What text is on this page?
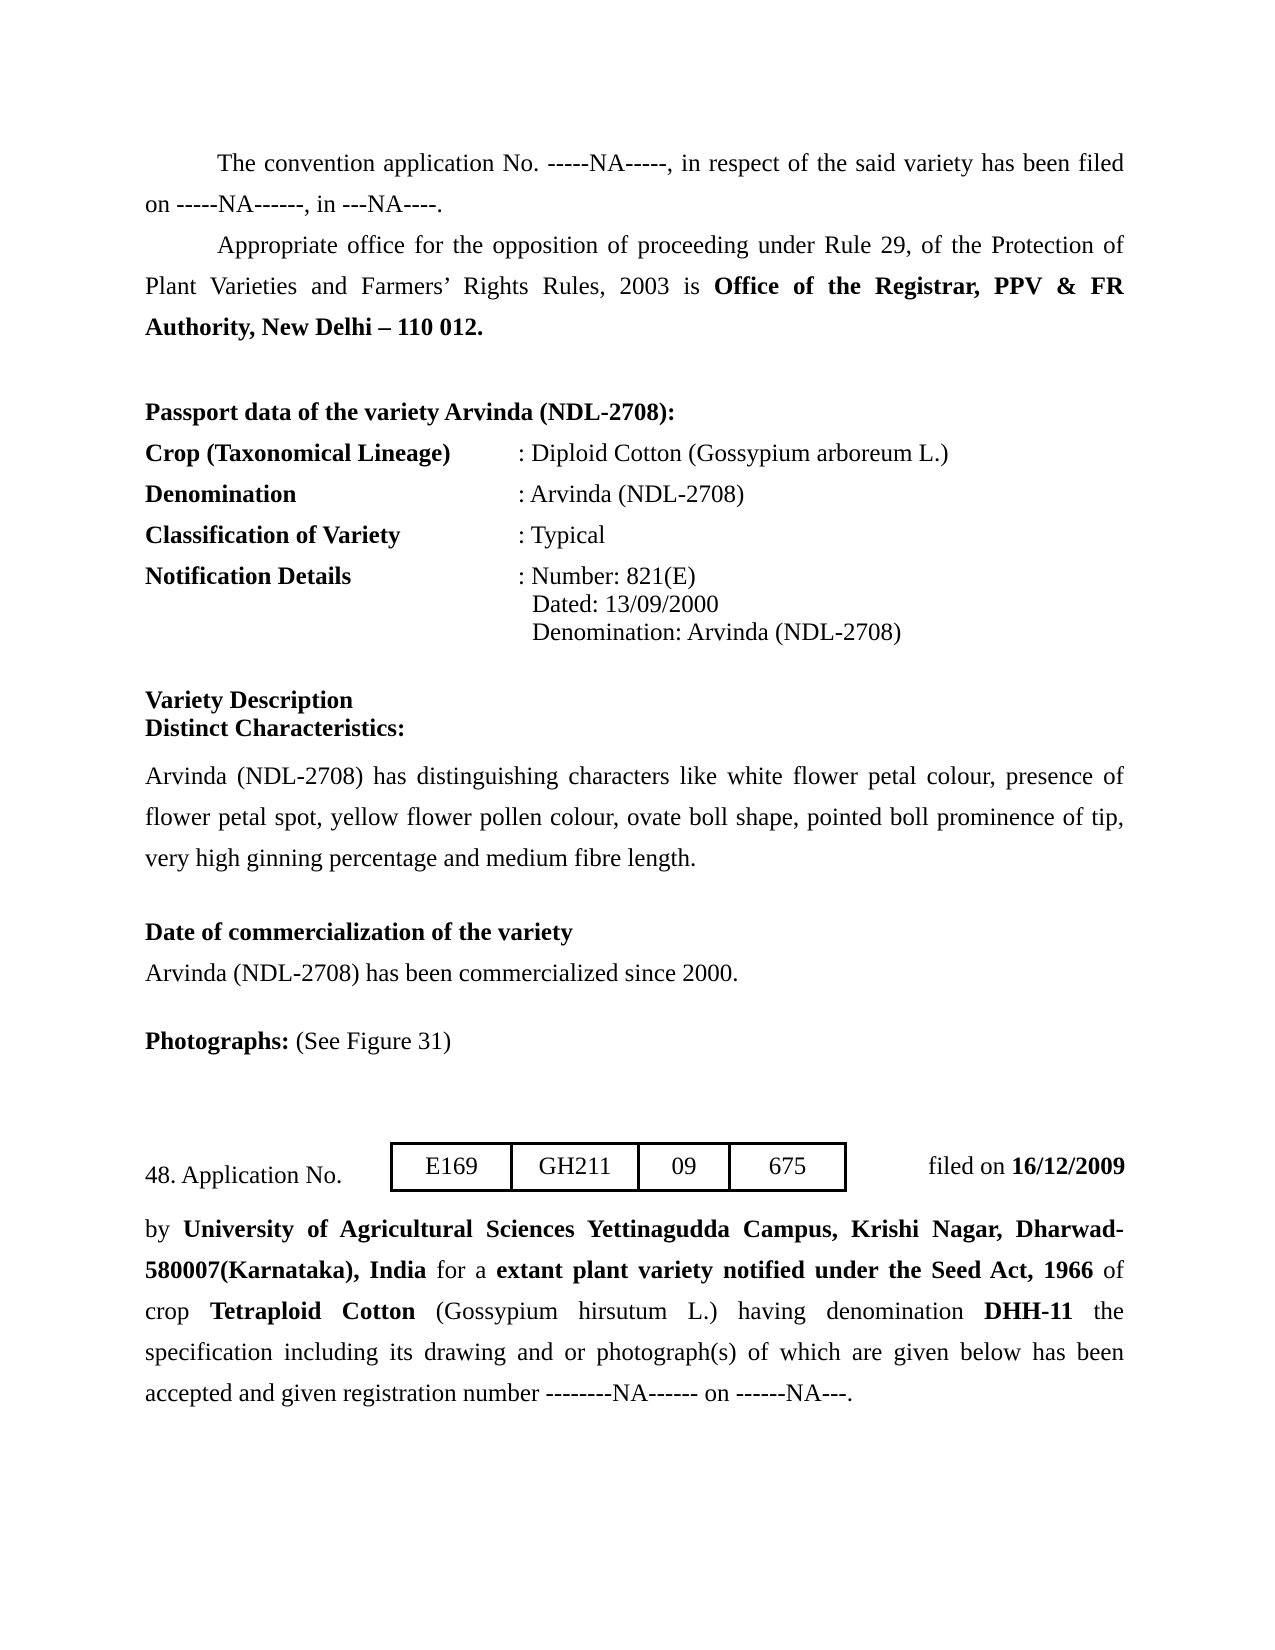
The convention application No. -----NA-----, in respect of the said variety has been filed on -----NA------, in ---NA----.

Appropriate office for the opposition of proceeding under Rule 29, of the Protection of Plant Varieties and Farmers’ Rights Rules, 2003 is Office of the Registrar, PPV & FR Authority, New Delhi – 110 012.

Passport data of the variety Arvinda (NDL-2708):
Crop (Taxonomical Lineage)	: Diploid Cotton (Gossypium arboreum L.)
Denomination	: Arvinda (NDL-2708)
Classification of Variety	: Typical
Notification Details	: Number: 821(E)
Dated: 13/09/2000
Denomination: Arvinda (NDL-2708)
Variety Description
Distinct Characteristics:

Arvinda (NDL-2708) has distinguishing characters like white flower petal colour, presence of flower petal spot, yellow flower pollen colour, ovate boll shape, pointed boll prominence of tip, very high ginning percentage and medium fibre length.

Date of commercialization of the variety

Arvinda (NDL-2708) has been commercialized since 2000.

Photographs: (See Figure 31)
48. Application No.	E169	GH211	09	675	filed on 16/12/2009

by University of Agricultural Sciences Yettinagudda Campus, Krishi Nagar, Dharwad-580007(Karnataka), India for a extant plant variety notified under the Seed Act, 1966 of crop Tetraploid Cotton (Gossypium hirsutum L.) having denomination DHH-11 the specification including its drawing and or photograph(s) of which are given below has been accepted and given registration number --------NA------ on ------NA---.
